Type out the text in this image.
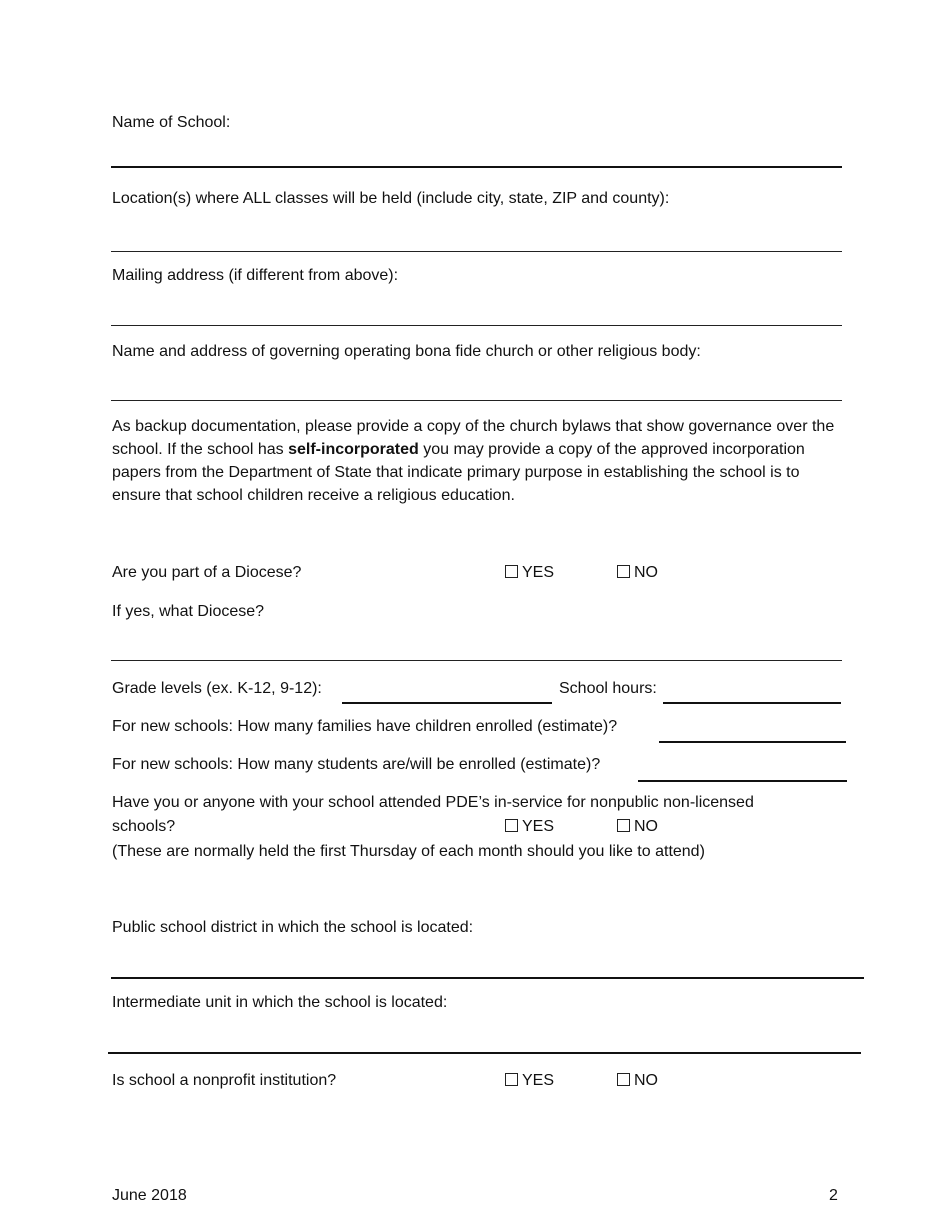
Name of School:
Location(s) where ALL classes will be held (include city, state, ZIP and county):
Mailing address (if different from above):
Name and address of governing operating bona fide church or other religious body:
As backup documentation, please provide a copy of the church bylaws that show governance over the school. If the school has self-incorporated you may provide a copy of the approved incorporation papers from the Department of State that indicate primary purpose in establishing the school is to ensure that school children receive a religious education.
Are you part of a Diocese?	YES	NO
If yes, what Diocese?
Grade levels (ex. K-12, 9-12):	School hours:
For new schools: How many families have children enrolled (estimate)?
For new schools: How many students are/will be enrolled (estimate)?
Have you or anyone with your school attended PDE’s in-service for nonpublic non-licensed
schools?	YES	NO
(These are normally held the first Thursday of each month should you like to attend)
Public school district in which the school is located:
Intermediate unit in which the school is located:
Is school a nonprofit institution?	YES	NO
June 2018	2
